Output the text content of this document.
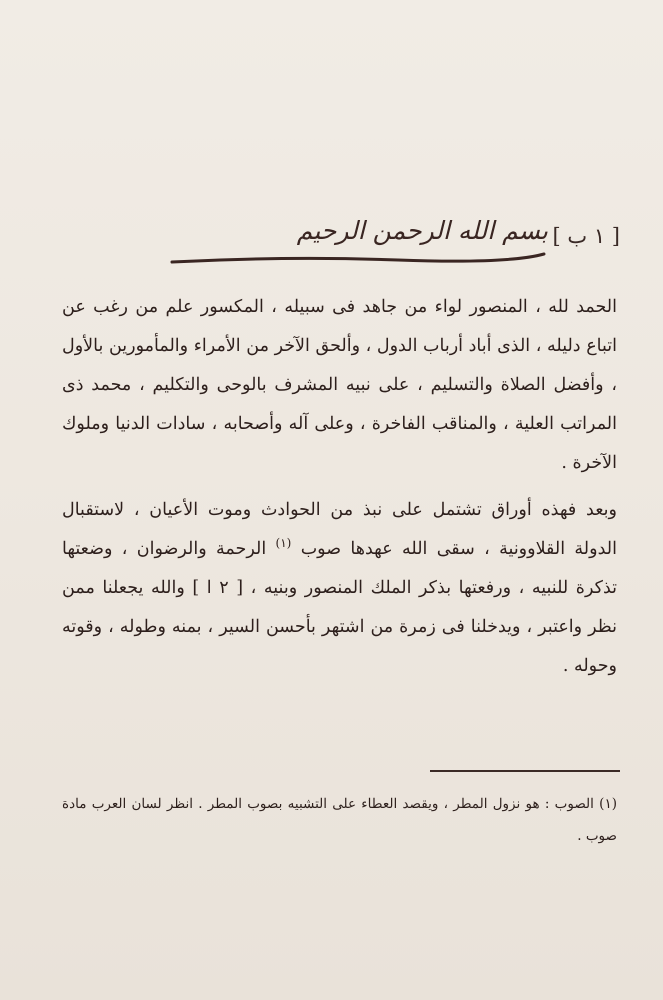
[ ١ ب ]
بسم الله الرحمن الرحيم

الحمد لله ، المنصور لواء من جاهد فى سبيله ، المكسور علم من رغب عن اتباع دليله ، الذى أباد أرباب الدول ، وألحق الآخر من الأمراء والمأمورين بالأول ، وأفضل الصلاة والتسليم ، على نبيه المشرف بالوحى والتكليم ، محمد ذى المراتب العلية ، والمناقب الفاخرة ، وعلى آله وأصحابه ، سادات الدنيا وملوك الآخرة .

وبعد فهذه أوراق تشتمل على نبذ من الحوادث وموت الأعيان ، لاستقبال الدولة القلاوونية ، سقى الله عهدها صوب $^{(١)}$ الرحمة والرضوان ، وضعتها تذكرة للنبيه ، ورفعتها بذكر الملك المنصور وبنيه ، [ ٢ ا ] والله يجعلنا ممن نظر واعتبر ، ويدخلنا فى زمرة من اشتهر بأحسن السير ، بمنه وطوله ، وقوته وحوله .

(١) الصوب : هو نزول المطر ، ويقصد العطاء على التشبيه بصوب المطر . انظر لسان العرب مادة صوب .
